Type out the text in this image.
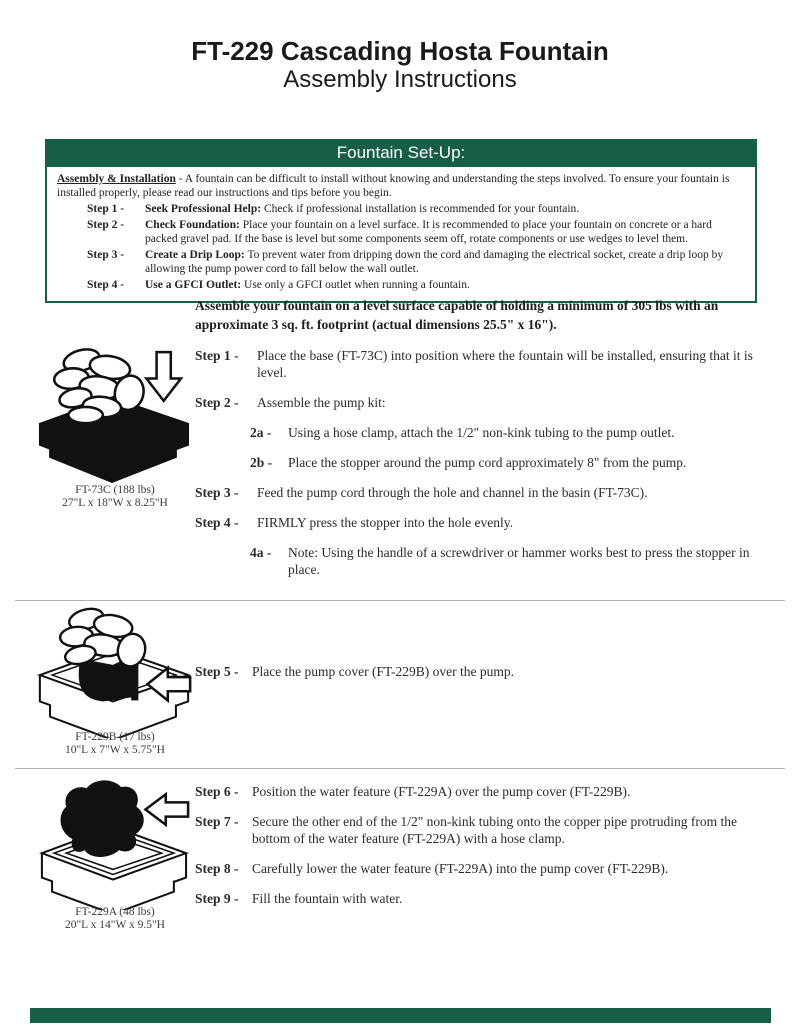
FT-229 Cascading Hosta Fountain
Assembly Instructions
Fountain Set-Up:
Assembly & Installation - A fountain can be difficult to install without knowing and understanding the steps involved. To ensure your fountain is installed properly, please read our instructions and tips before you begin.
Step 1 -	Seek Professional Help: Check if professional installation is recommended for your fountain.
Step 2 -	Check Foundation: Place your fountain on a level surface. It is recommended to place your fountain on concrete or a hard packed gravel pad. If the base is level but some components seem off, rotate components or use wedges to level them.
Step 3 -	Create a Drip Loop: To prevent water from dripping down the cord and damaging the electrical socket, create a drip loop by allowing the pump power cord to fall below the wall outlet.
Step 4 -	Use a GFCI Outlet: Use only a GFCI outlet when running a fountain.
FT-73C (188 lbs)
27"L x 18"W x 8.25"H
Assemble your fountain on a level surface capable of holding a minimum of 305 lbs with an approximate 3 sq. ft. footprint (actual dimensions 25.5" x 16").
Step 1 -	Place the base (FT-73C) into position where the fountain will be installed, ensuring that it is level.
Step 2 -	Assemble the pump kit:
2a -	Using a hose clamp, attach the 1/2" non-kink tubing to the pump outlet.
2b -	Place the stopper around the pump cord approximately 8" from the pump.
Step 3 -	Feed the pump cord through the hole and channel in the basin (FT-73C).
Step 4 -	FIRMLY press the stopper into the hole evenly.
4a -	Note: Using the handle of a screwdriver or hammer works best to press the stopper in place.
FT-229B (17 lbs)
10"L x 7"W x 5.75"H
Step 5 -	Place the pump cover (FT-229B) over the pump.
FT-229A (48 lbs)
20"L x 14"W x 9.5"H
Step 6 -	Position the water feature (FT-229A) over the pump cover (FT-229B).
Step 7 -	Secure the other end of the 1/2" non-kink tubing onto the copper pipe protruding from the bottom of the water feature (FT-229A) with a hose clamp.
Step 8 -	Carefully lower the water feature (FT-229A) into the pump cover (FT-229B).
Step 9 -	Fill the fountain with water.
